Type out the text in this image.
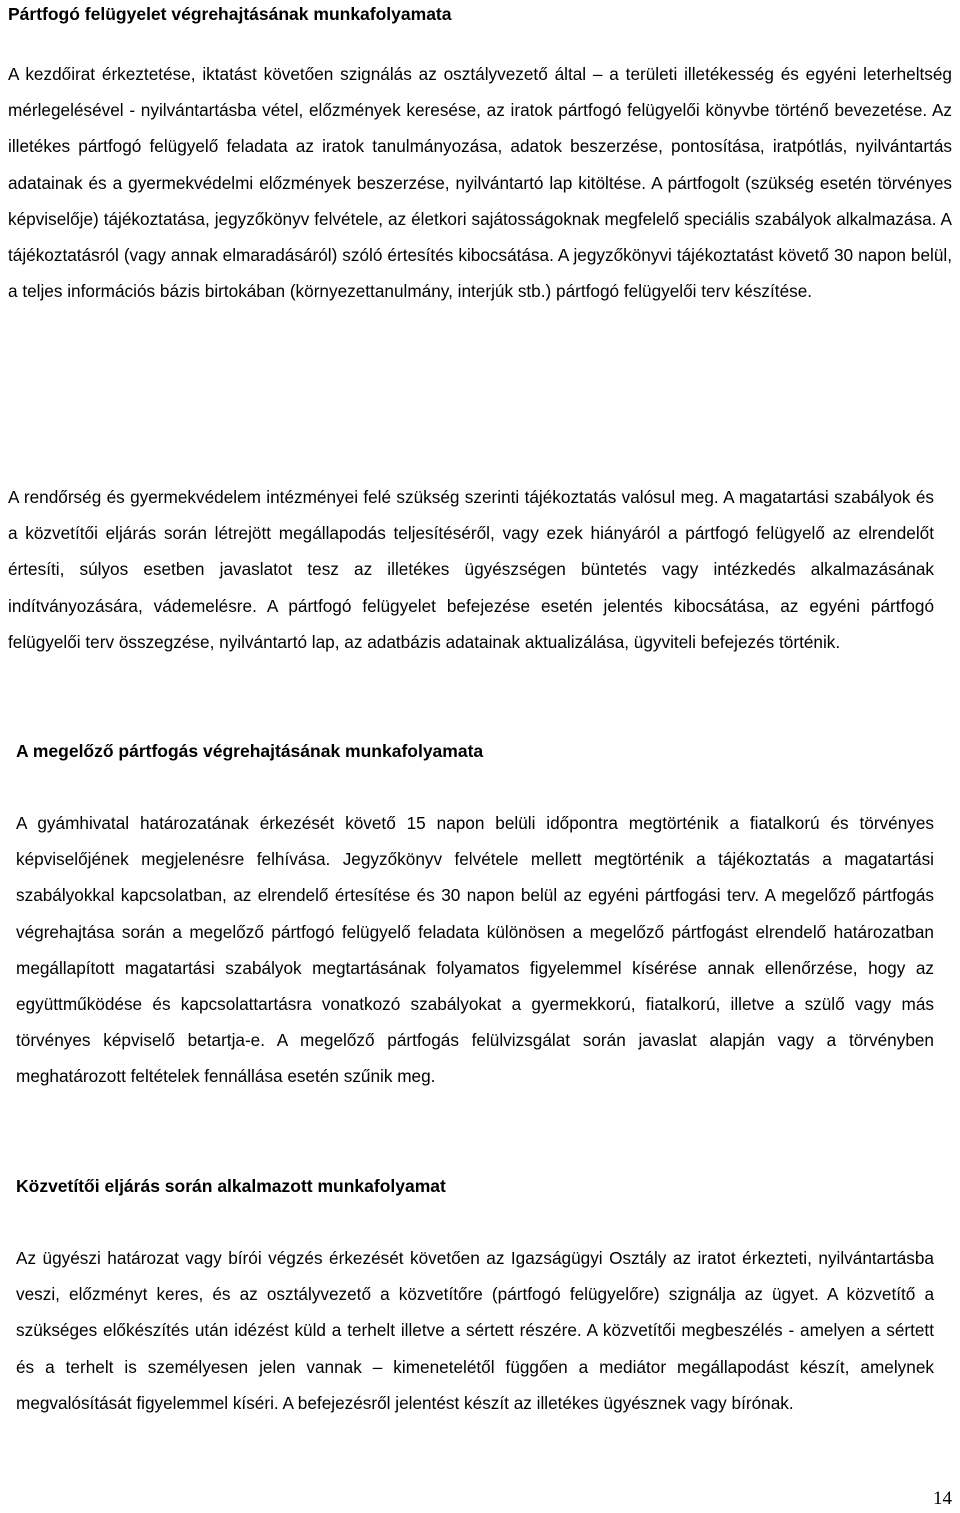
Pártfogó felügyelet végrehajtásának munkafolyamata

A kezdőirat érkeztetése, iktatást követően szignálás az osztályvezető által – a területi illetékesség és egyéni leterheltség mérlegelésével - nyilvántartásba vétel, előzmények keresése, az iratok pártfogó felügyelői könyvbe történő bevezetése. Az illetékes pártfogó felügyelő feladata az iratok tanulmányozása, adatok beszerzése, pontosítása, iratpótlás, nyilvántartás adatainak és a gyermekvédelmi előzmények beszerzése, nyilvántartó lap kitöltése. A pártfogolt (szükség esetén törvényes képviselője) tájékoztatása, jegyzőkönyv felvétele, az életkori sajátosságoknak megfelelő speciális szabályok alkalmazása. A tájékoztatásról (vagy annak elmaradásáról) szóló értesítés kibocsátása. A jegyzőkönyvi tájékoztatást követő 30 napon belül, a teljes információs bázis birtokában (környezettanulmány, interjúk stb.) pártfogó felügyelői terv készítése.

A rendőrség és gyermekvédelem intézményei felé szükség szerinti tájékoztatás valósul meg. A magatartási szabályok és a közvetítői eljárás során létrejött megállapodás teljesítéséről, vagy ezek hiányáról a pártfogó felügyelő az elrendelőt értesíti, súlyos esetben javaslatot tesz az illetékes ügyészségen büntetés vagy intézkedés alkalmazásának indítványozására, vádemelésre. A pártfogó felügyelet befejezése esetén jelentés kibocsátása, az egyéni pártfogó felügyelői terv összegzése, nyilvántartó lap, az adatbázis adatainak aktualizálása, ügyviteli befejezés történik.

A megelőző pártfogás végrehajtásának munkafolyamata

A gyámhivatal határozatának érkezését követő 15 napon belüli időpontra megtörténik a fiatalkorú és törvényes képviselőjének megjelenésre felhívása. Jegyzőkönyv felvétele mellett megtörténik a tájékoztatás a magatartási szabályokkal kapcsolatban, az elrendelő értesítése és 30 napon belül az egyéni pártfogási terv. A megelőző pártfogás végrehajtása során a megelőző pártfogó felügyelő feladata különösen a megelőző pártfogást elrendelő határozatban megállapított magatartási szabályok megtartásának folyamatos figyelemmel kísérése annak ellenőrzése, hogy az együttműködése és kapcsolattartásra vonatkozó szabályokat a gyermekkorú, fiatalkorú, illetve a szülő vagy más törvényes képviselő betartja-e. A megelőző pártfogás felülvizsgálat során javaslat alapján vagy a törvényben meghatározott feltételek fennállása esetén szűnik meg.

Közvetítői eljárás során alkalmazott munkafolyamat

Az ügyészi határozat vagy bírói végzés érkezését követően az Igazságügyi Osztály az iratot érkezteti, nyilvántartásba veszi, előzményt keres, és az osztályvezető a közvetítőre (pártfogó felügyelőre) szignálja az ügyet. A közvetítő a szükséges előkészítés után idézést küld a terhelt illetve a sértett részére. A közvetítői megbeszélés - amelyen a sértett és a terhelt is személyesen jelen vannak – kimenetelétől függően a mediátor megállapodást készít, amelynek megvalósítását figyelemmel kíséri. A befejezésről jelentést készít az illetékes ügyésznek vagy bírónak.

14
